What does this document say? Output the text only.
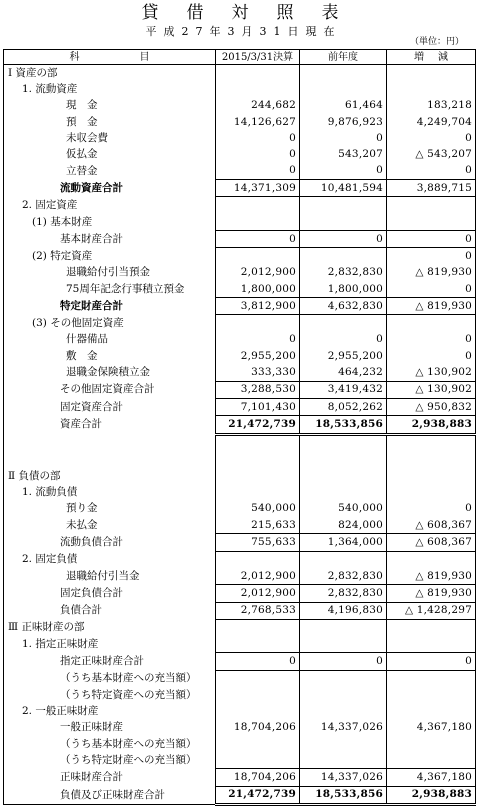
貸借対照表
平成27年3月31日現在
（単位：円）
科目	2015/3/31決算	前年度	増減
Ⅰ 資産の部			
1. 流動資産			
現　金	244,682	61,464	183,218
預　金	14,126,627	9,876,923	4,249,704
未収会費	0	0	0
仮払金	0	543,207	△ 543,207
立替金	0	0	0
流動資産合計	14,371,309	10,481,594	3,889,715
2. 固定資産			
(1) 基本財産			
基本財産合計	0	0	0
(2) 特定資産			0
退職給付引当預金	2,012,900	2,832,830	△ 819,930
75周年記念行事積立預金	1,800,000	1,800,000	0
特定財産合計	3,812,900	4,632,830	△ 819,930
(3) その他固定資産			
什器備品	0	0	0
敷　金	2,955,200	2,955,200	0
退職金保険積立金	333,330	464,232	△ 130,902
その他固定資産合計	3,288,530	3,419,432	△ 130,902
固定資産合計	7,101,430	8,052,262	△ 950,832
資産合計	21,472,739	18,533,856	2,938,883

Ⅱ 負債の部			
1. 流動負債			
預り金	540,000	540,000	0
未払金	215,633	824,000	△ 608,367
流動負債合計	755,633	1,364,000	△ 608,367
2. 固定負債			
退職給付引当金	2,012,900	2,832,830	△ 819,930
固定負債合計	2,012,900	2,832,830	△ 819,930
負債合計	2,768,533	4,196,830	△ 1,428,297
Ⅲ 正味財産の部			
1. 指定正味財産			
指定正味財産合計	0	0	0
（うち基本財産への充当額）			
（うち特定資産への充当額）			
2. 一般正味財産			
一般正味財産	18,704,206	14,337,026	4,367,180
（うち基本財産への充当額）			
（うち特定財産への充当額）			
正味財産合計	18,704,206	14,337,026	4,367,180
負債及び正味財産合計	21,472,739	18,533,856	2,938,883
